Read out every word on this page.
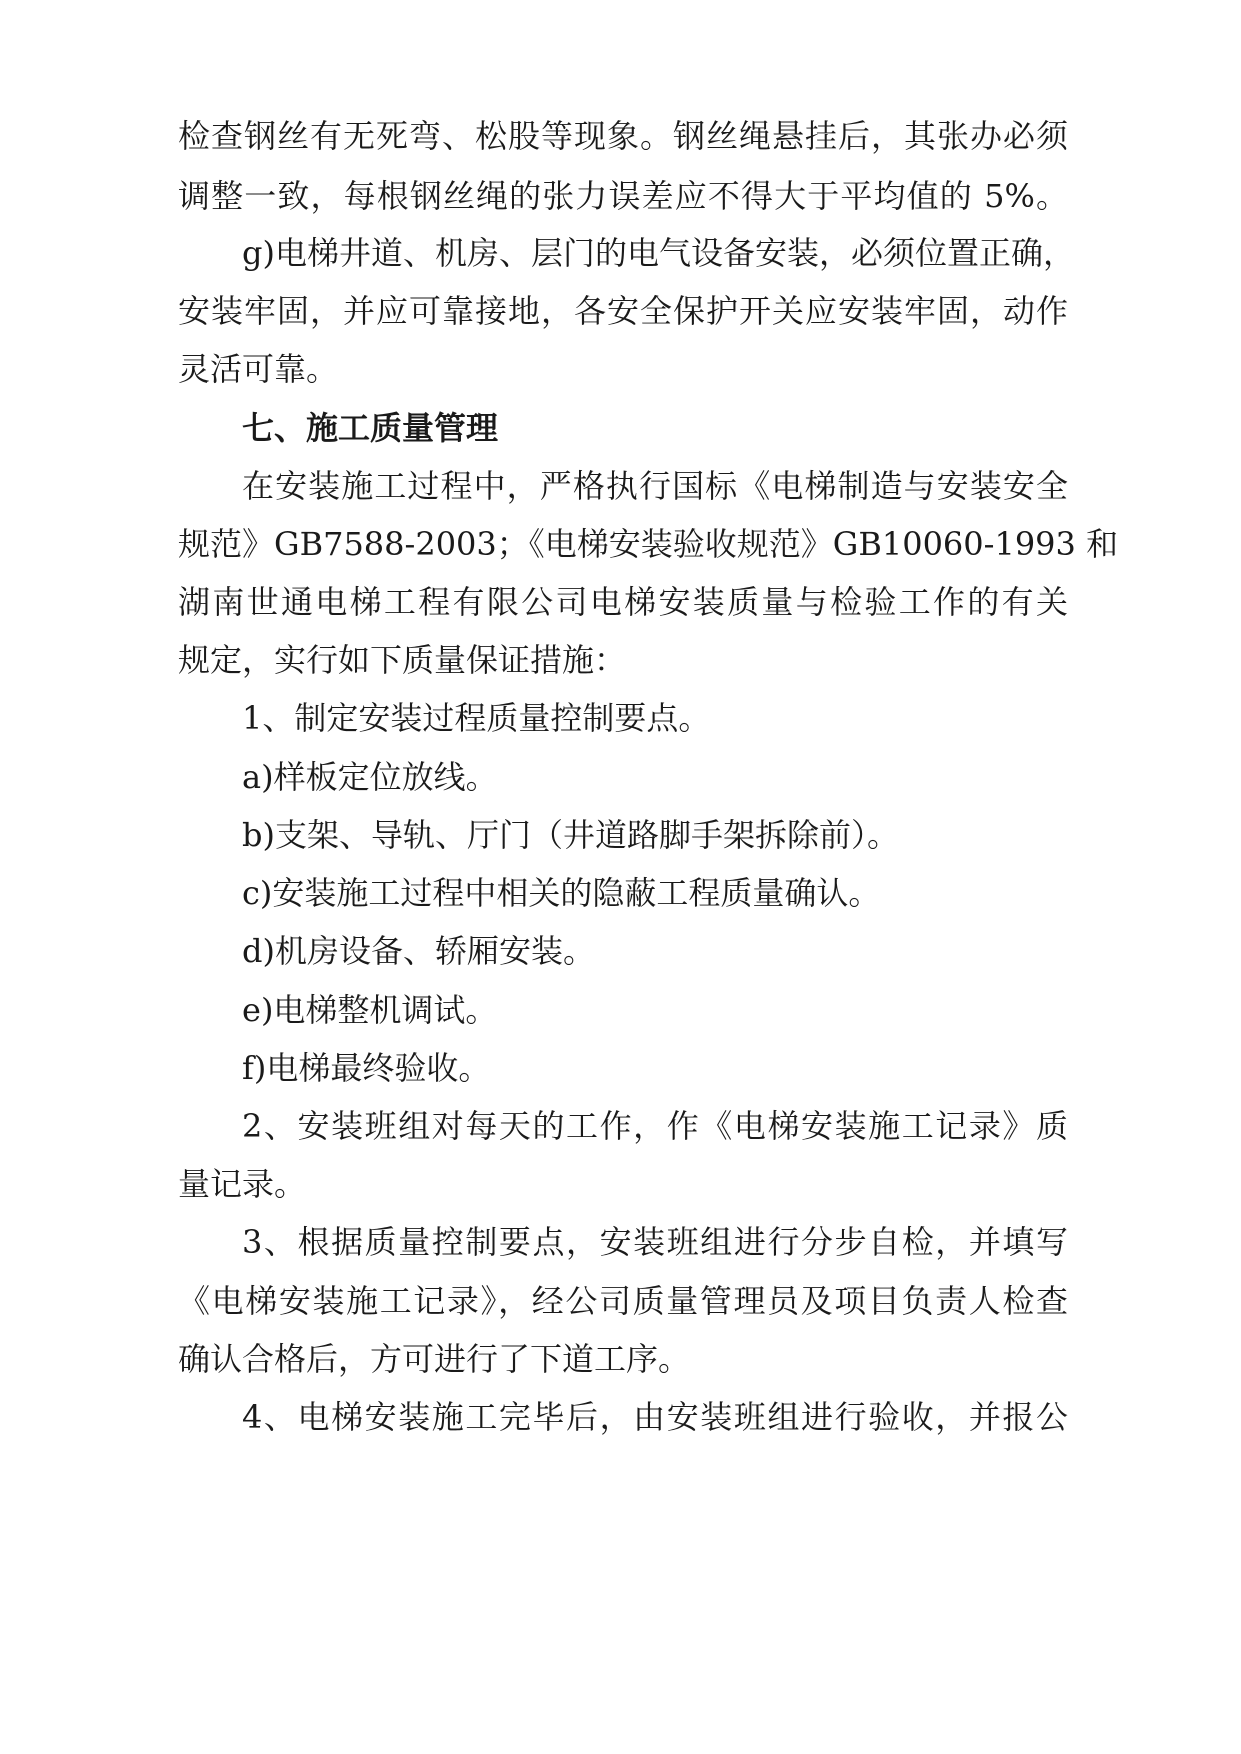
检查钢丝有无死弯、松股等现象。钢丝绳悬挂后，其张办必须
调整一致，每根钢丝绳的张力误差应不得大于平均值的 5%。
g)电梯井道、机房、层门的电气设备安装，必须位置正确，
安装牢固，并应可靠接地，各安全保护开关应安装牢固，动作
灵活可靠。
七、施工质量管理
在安装施工过程中，严格执行国标《电梯制造与安装安全
规范》GB7588-2003；《电梯安装验收规范》GB10060-1993 和
湖南世通电梯工程有限公司电梯安装质量与检验工作的有关
规定，实行如下质量保证措施：
1、制定安装过程质量控制要点。
a)样板定位放线。
b)支架、导轨、厅门（井道路脚手架拆除前）。
c)安装施工过程中相关的隐蔽工程质量确认。
d)机房设备、轿厢安装。
e)电梯整机调试。
f)电梯最终验收。
2、安装班组对每天的工作，作《电梯安装施工记录》质
量记录。
3、根据质量控制要点，安装班组进行分步自检，并填写
《电梯安装施工记录》，经公司质量管理员及项目负责人检查
确认合格后，方可进行了下道工序。
4、电梯安装施工完毕后，由安装班组进行验收，并报公
